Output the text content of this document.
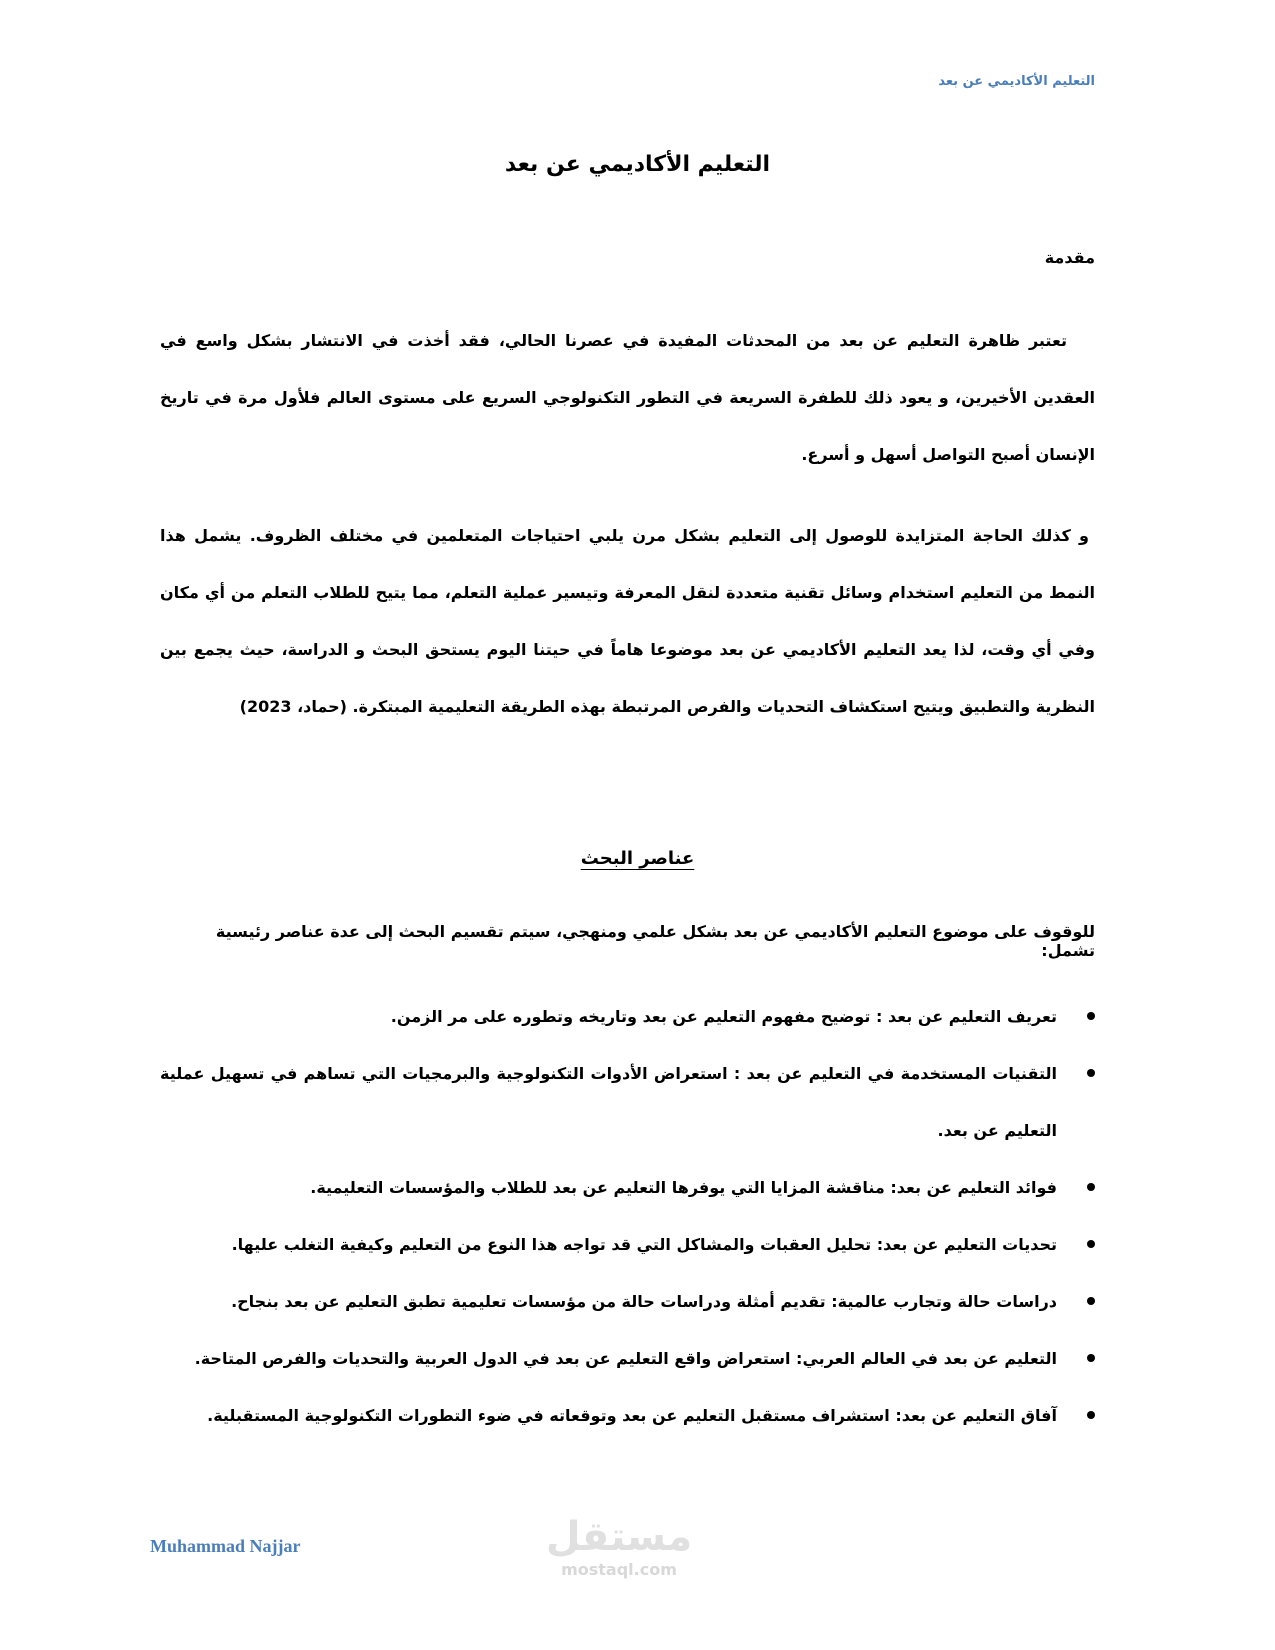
التعليم الأكاديمي عن بعد
التعليم الأكاديمي عن بعد
مقدمة

تعتبر ظاهرة التعليم عن بعد من المحدثات المفيدة في عصرنا الحالي، فقد أخذت في الانتشار بشكل واسع في العقدين الأخيرين، و يعود ذلك للطفرة السريعة في التطور التكنولوجي السريع على مستوى العالم فلأول مرة في تاريخ الإنسان أصبح التواصل أسهل و أسرع.

و كذلك الحاجة المتزايدة للوصول إلى التعليم بشكل مرن يلبي احتياجات المتعلمين في مختلف الظروف. يشمل هذا النمط من التعليم استخدام وسائل تقنية متعددة لنقل المعرفة وتيسير عملية التعلم، مما يتيح للطلاب التعلم من أي مكان وفي أي وقت، لذا يعد التعليم الأكاديمي عن بعد موضوعا هاماً في حيتنا اليوم يستحق البحث و الدراسة، حيث يجمع بين النظرية والتطبيق ويتيح استكشاف التحديات والفرص المرتبطة بهذه الطريقة التعليمية المبتكرة. (حماد، 2023)

عناصر البحث
للوقوف على موضوع التعليم الأكاديمي عن بعد بشكل علمي ومنهجي، سيتم تقسيم البحث إلى عدة عناصر رئيسية تشمل:
تعريف التعليم عن بعد : توضيح مفهوم التعليم عن بعد وتاريخه وتطوره على مر الزمن.
التقنيات المستخدمة في التعليم عن بعد : استعراض الأدوات التكنولوجية والبرمجيات التي تساهم في تسهيل عملية التعليم عن بعد.
فوائد التعليم عن بعد: مناقشة المزايا التي يوفرها التعليم عن بعد للطلاب والمؤسسات التعليمية.
تحديات التعليم عن بعد: تحليل العقبات والمشاكل التي قد تواجه هذا النوع من التعليم وكيفية التغلب عليها.
دراسات حالة وتجارب عالمية: تقديم أمثلة ودراسات حالة من مؤسسات تعليمية تطبق التعليم عن بعد بنجاح.
التعليم عن بعد في العالم العربي: استعراض واقع التعليم عن بعد في الدول العربية والتحديات والفرص المتاحة.
آفاق التعليم عن بعد: استشراف مستقبل التعليم عن بعد وتوقعاته في ضوء التطورات التكنولوجية المستقبلية.
Muhammad Najjar	مستقل
mostaql.com
